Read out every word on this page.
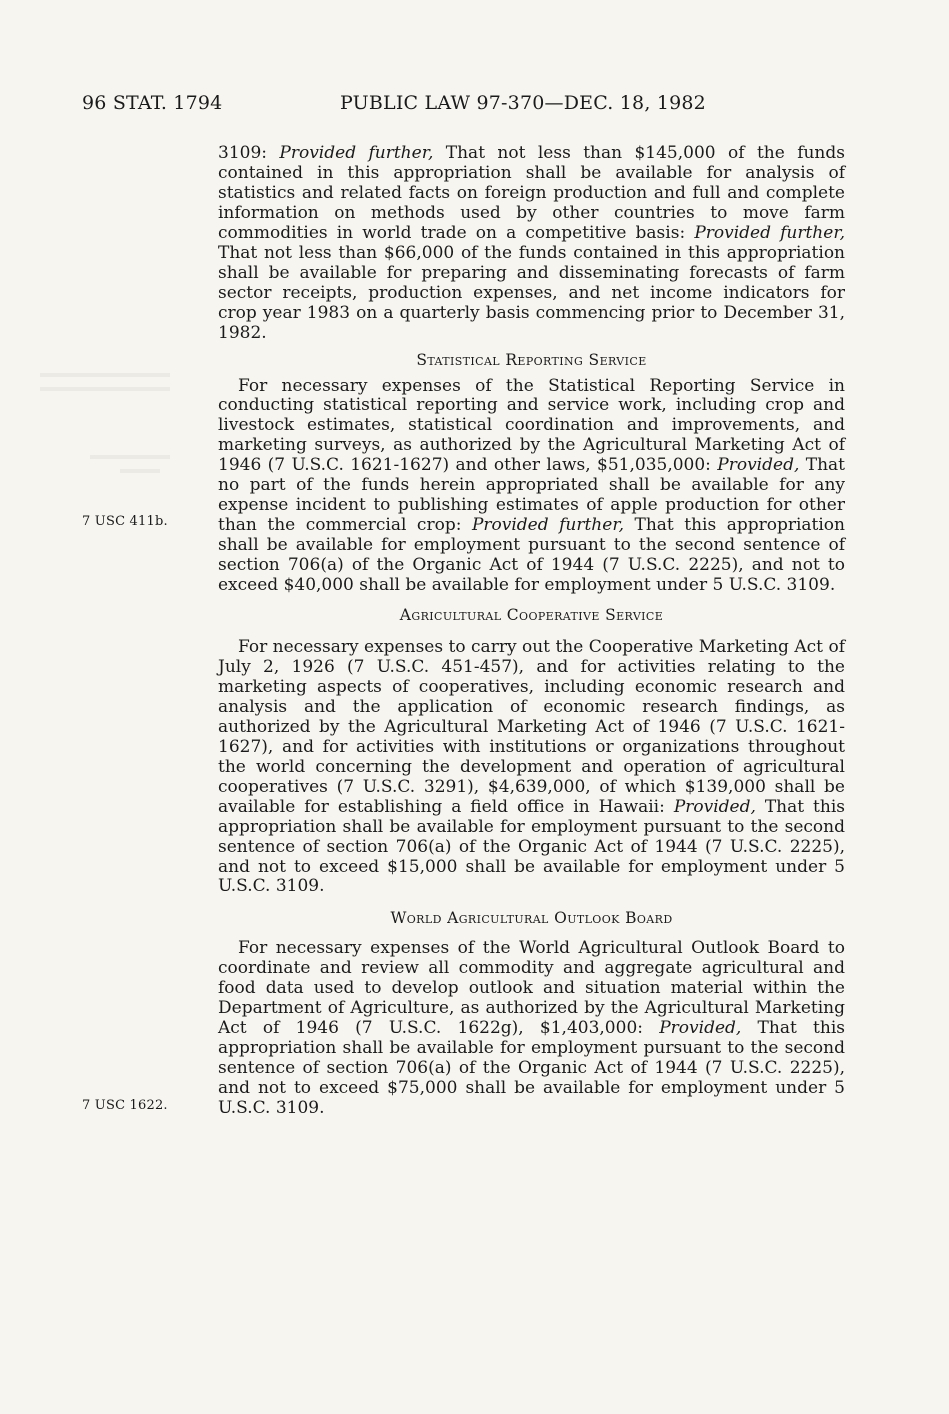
96 STAT. 1794	PUBLIC LAW 97-370—DEC. 18, 1982
7 USC 411b.
7 USC 1622.

3109: Provided further, That not less than $145,000 of the funds contained in this appropriation shall be available for analysis of statistics and related facts on foreign production and full and complete information on methods used by other countries to move farm commodities in world trade on a competitive basis: Provided further, That not less than $66,000 of the funds contained in this appropriation shall be available for preparing and disseminating forecasts of farm sector receipts, production expenses, and net income indicators for crop year 1983 on a quarterly basis commencing prior to December 31, 1982.

Statistical Reporting Service

For necessary expenses of the Statistical Reporting Service in conducting statistical reporting and service work, including crop and livestock estimates, statistical coordination and improvements, and marketing surveys, as authorized by the Agricultural Marketing Act of 1946 (7 U.S.C. 1621-1627) and other laws, $51,035,000: Provided, That no part of the funds herein appropriated shall be available for any expense incident to publishing estimates of apple production for other than the commercial crop: Provided further, That this appropriation shall be available for employment pursuant to the second sentence of section 706(a) of the Organic Act of 1944 (7 U.S.C. 2225), and not to exceed $40,000 shall be available for employment under 5 U.S.C. 3109.

Agricultural Cooperative Service

For necessary expenses to carry out the Cooperative Marketing Act of July 2, 1926 (7 U.S.C. 451-457), and for activities relating to the marketing aspects of cooperatives, including economic research and analysis and the application of economic research findings, as authorized by the Agricultural Marketing Act of 1946 (7 U.S.C. 1621-1627), and for activities with institutions or organizations throughout the world concerning the development and operation of agricultural cooperatives (7 U.S.C. 3291), $4,639,000, of which $139,000 shall be available for establishing a field office in Hawaii: Provided, That this appropriation shall be available for employment pursuant to the second sentence of section 706(a) of the Organic Act of 1944 (7 U.S.C. 2225), and not to exceed $15,000 shall be available for employment under 5 U.S.C. 3109.

World Agricultural Outlook Board

For necessary expenses of the World Agricultural Outlook Board to coordinate and review all commodity and aggregate agricultural and food data used to develop outlook and situation material within the Department of Agriculture, as authorized by the Agricultural Marketing Act of 1946 (7 U.S.C. 1622g), $1,403,000: Provided, That this appropriation shall be available for employment pursuant to the second sentence of section 706(a) of the Organic Act of 1944 (7 U.S.C. 2225), and not to exceed $75,000 shall be available for employment under 5 U.S.C. 3109.
